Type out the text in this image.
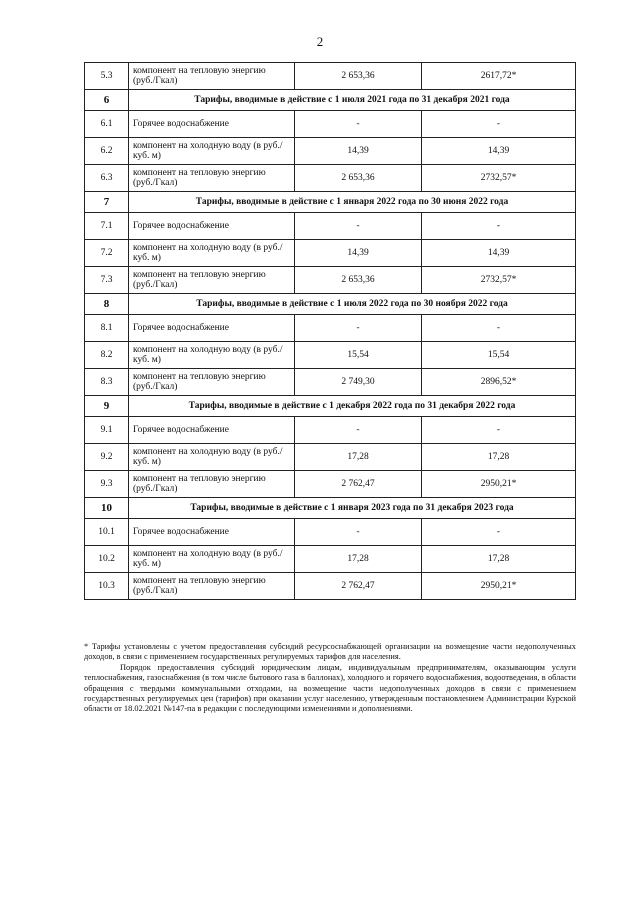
2
5.3	компонент на тепловую энергию (руб./Гкал)	2 653,36	2617,72*
6	Тарифы, вводимые в действие с 1 июля 2021 года по 31 декабря 2021 года		
6.1	Горячее водоснабжение	-	-
6.2	компонент на холодную воду (в руб./куб. м)	14,39	14,39
6.3	компонент на тепловую энергию (руб./Гкал)	2 653,36	2732,57*
7	Тарифы, вводимые в действие с 1 января 2022 года по 30 июня 2022 года		
7.1	Горячее водоснабжение	-	-
7.2	компонент на холодную воду (в руб./куб. м)	14,39	14,39
7.3	компонент на тепловую энергию (руб./Гкал)	2 653,36	2732,57*
8	Тарифы, вводимые в действие с 1 июля 2022 года по 30 ноября 2022 года		
8.1	Горячее водоснабжение	-	-
8.2	компонент на холодную воду (в руб./куб. м)	15,54	15,54
8.3	компонент на тепловую энергию (руб./Гкал)	2 749,30	2896,52*
9	Тарифы, вводимые в действие с 1 декабря 2022 года по 31 декабря 2022 года		
9.1	Горячее водоснабжение	-	-
9.2	компонент на холодную воду (в руб./куб. м)	17,28	17,28
9.3	компонент на тепловую энергию (руб./Гкал)	2 762,47	2950,21*
10	Тарифы, вводимые в действие с 1 января 2023 года по 31 декабря 2023 года		
10.1	Горячее водоснабжение	-	-
10.2	компонент на холодную воду (в руб./куб. м)	17,28	17,28
10.3	компонент на тепловую энергию (руб./Гкал)	2 762,47	2950,21*

* Тарифы установлены с учетом предоставления субсидий ресурсоснабжающей организации на возмещение части недополученных доходов, в связи с применением государственных регулируемых тарифов для населения.

Порядок предоставления субсидий юридическим лицам, индивидуальным предпринимателям, оказывающим услуги теплоснабжения, газоснабжения (в том числе бытового газа в баллонах), холодного и горячего водоснабжения, водоотведения, в области обращения с твердыми коммунальными отходами, на возмещение части недополученных доходов в связи с применением государственных регулируемых цен (тарифов) при оказании услуг населению, утвержденным постановлением Администрации Курской области от 18.02.2021 №147-па в редакции с последующими изменениями и дополнениями.
